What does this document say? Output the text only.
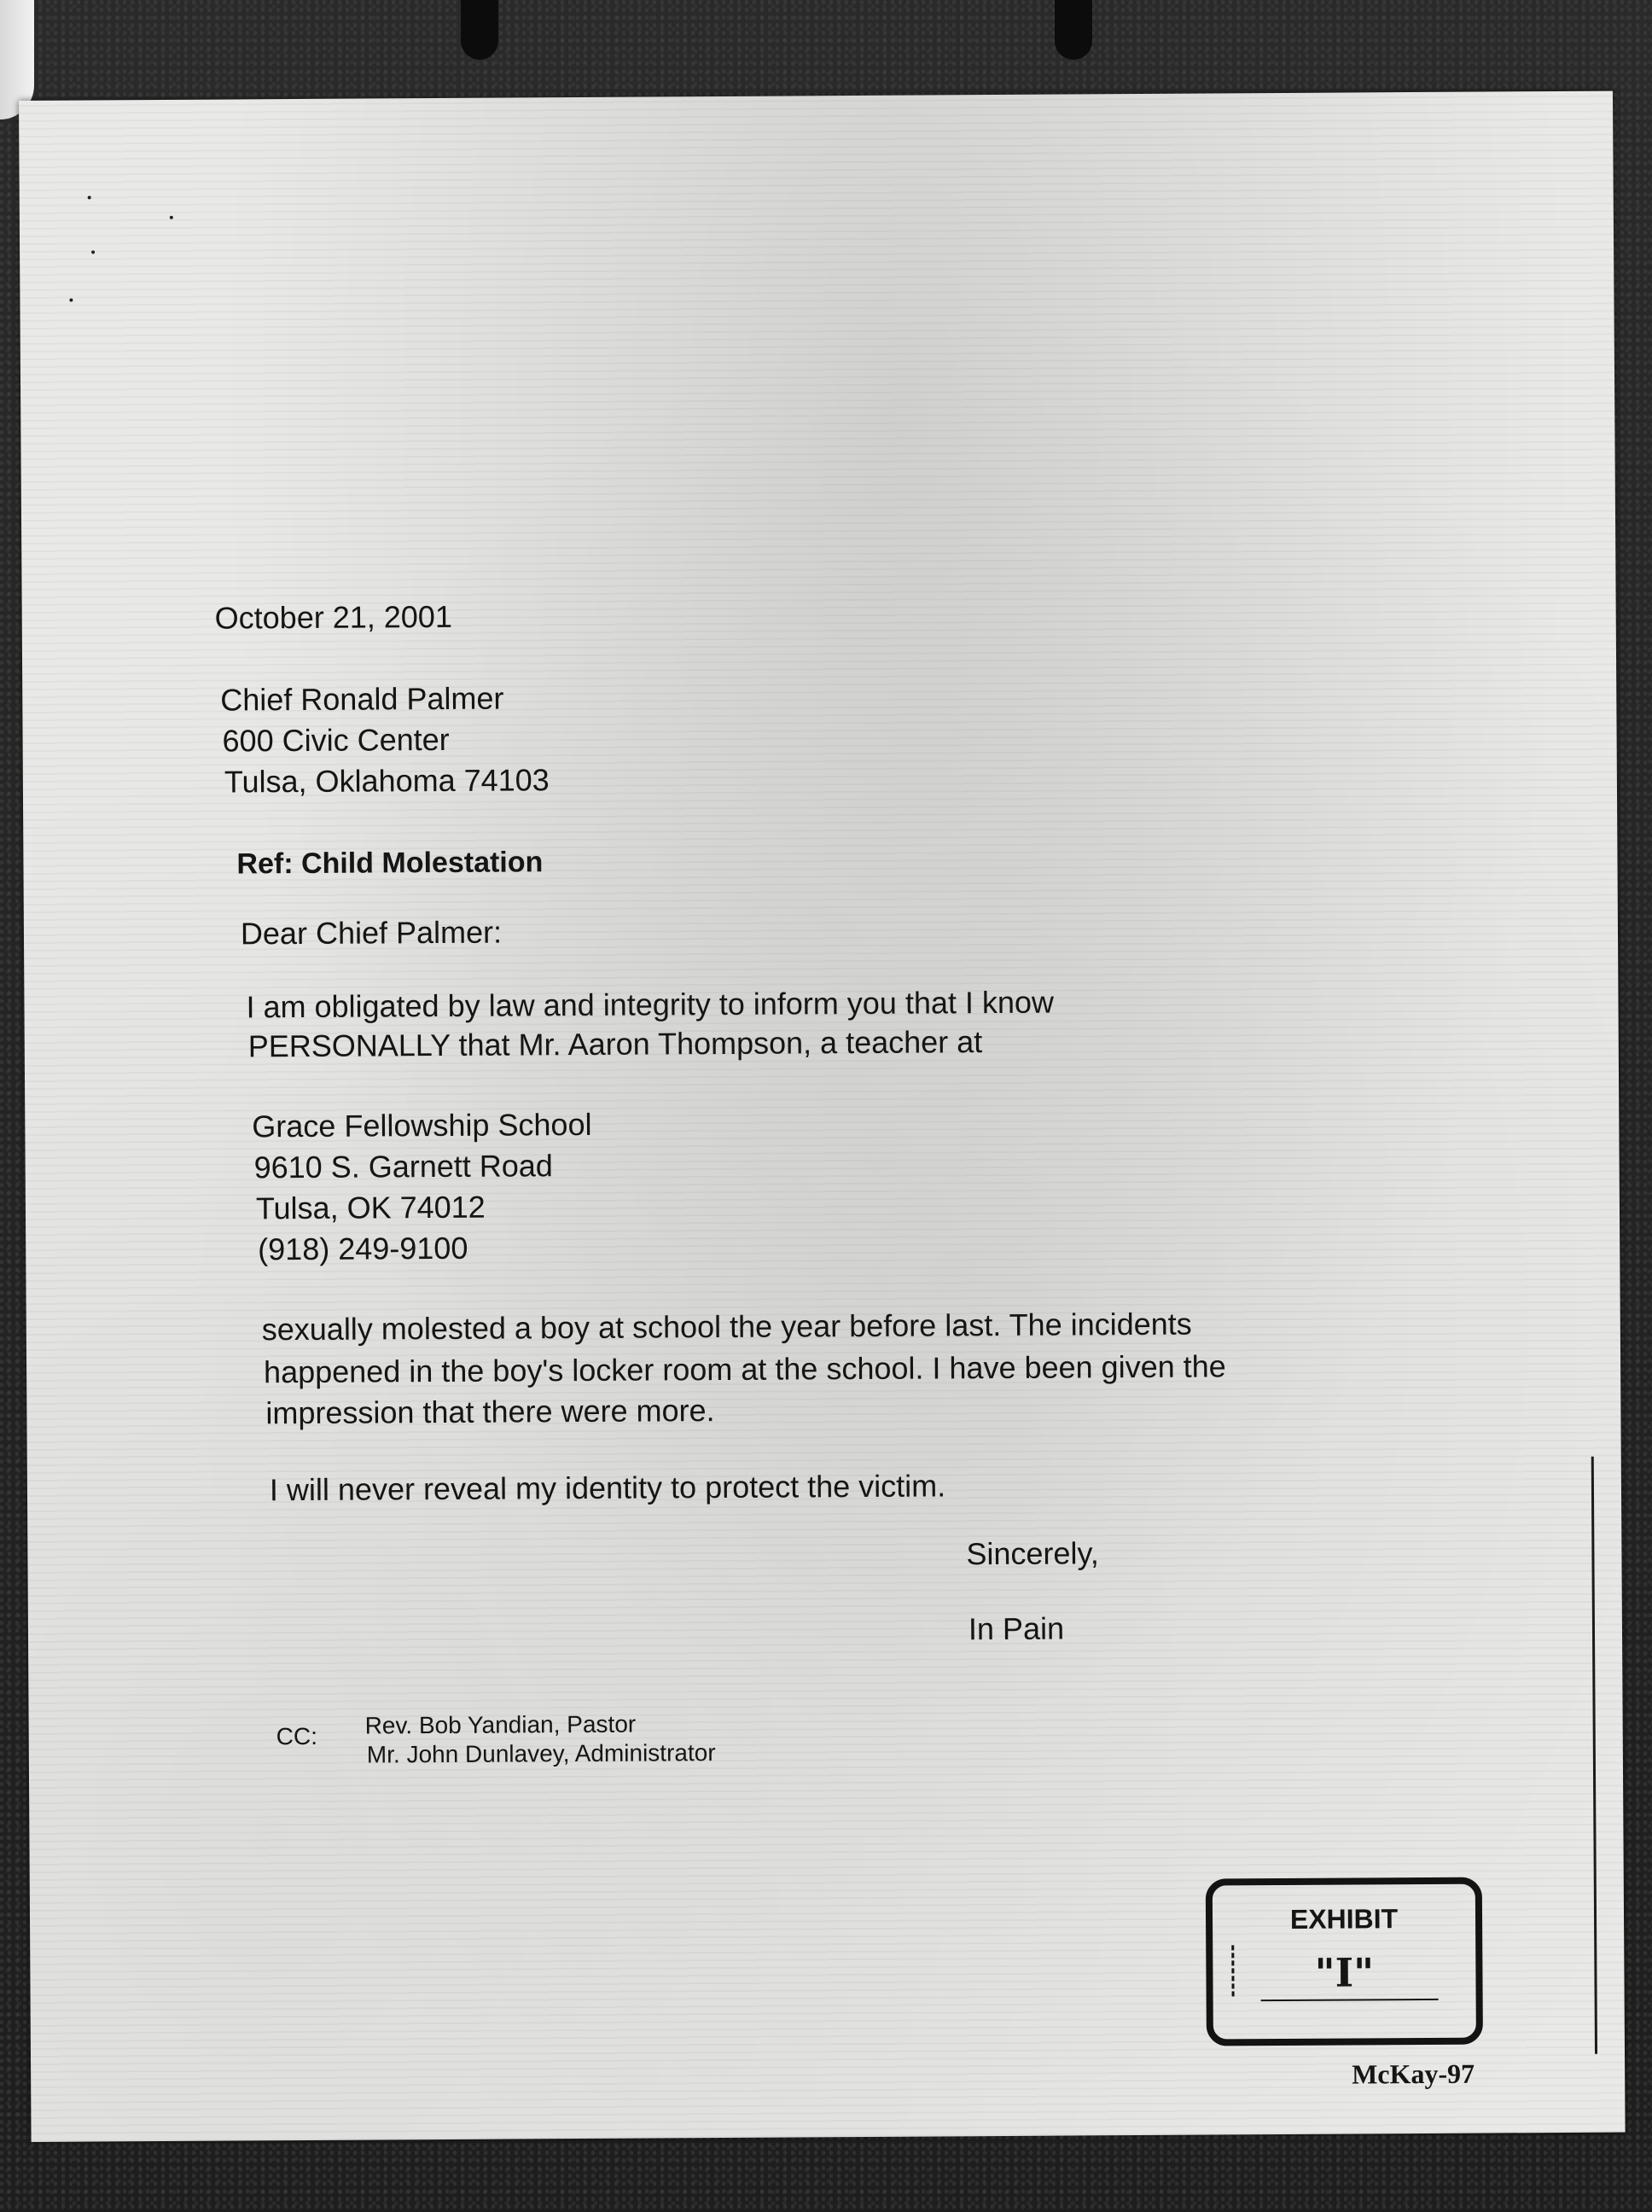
October 21, 2001
Chief Ronald Palmer
600 Civic Center
Tulsa, Oklahoma 74103
Ref: Child Molestation
Dear Chief Palmer:
I am obligated by law and integrity to inform you that I know
PERSONALLY that Mr. Aaron Thompson, a teacher at
Grace Fellowship School
9610 S. Garnett Road
Tulsa, OK 74012
(918) 249-9100
sexually molested a boy at school the year before last. The incidents
happened in the boy's locker room at the school. I have been given the
impression that there were more.
I will never reveal my identity to protect the victim.
Sincerely,
In Pain
CC: Rev. Bob Yandian, Pastor
Mr. John Dunlavey, Administrator
EXHIBIT
"I"
McKay-97
